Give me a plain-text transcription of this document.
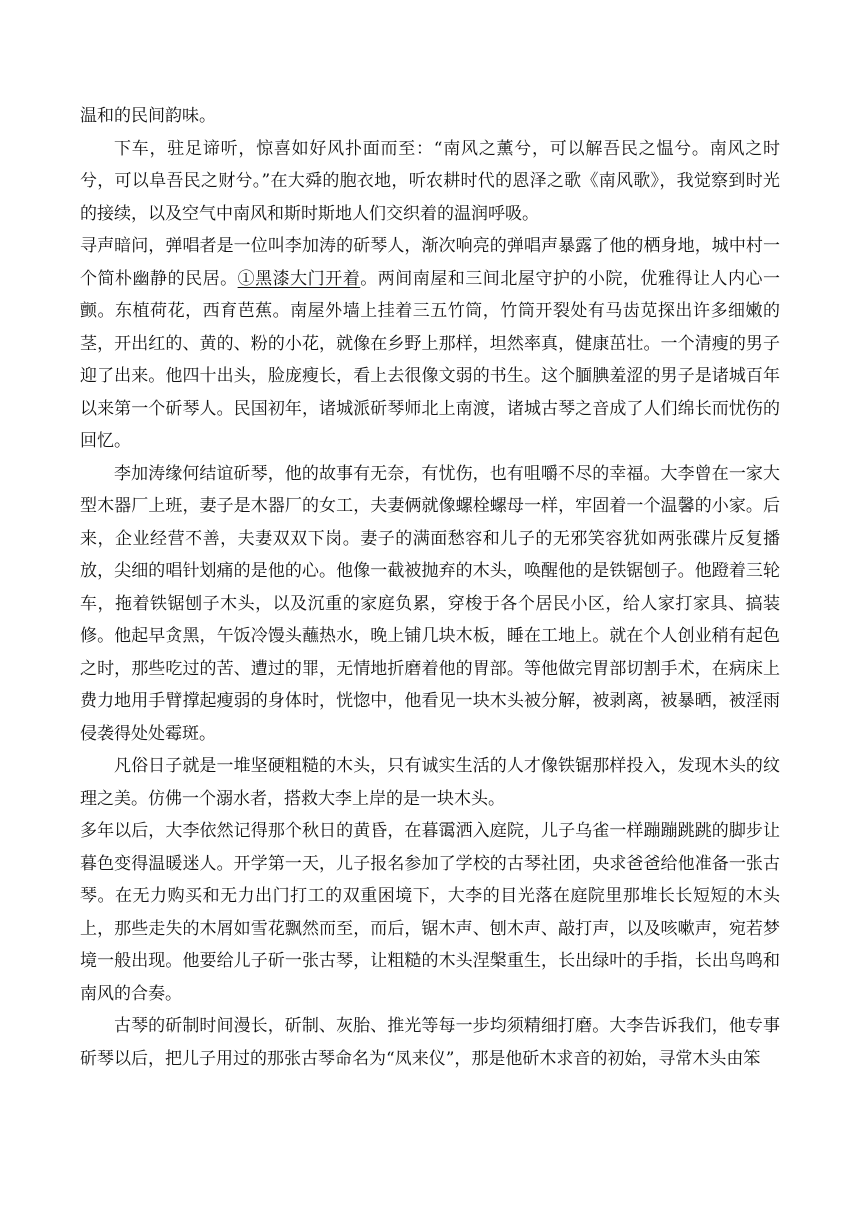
温和的民间韵味。

下车，驻足谛听，惊喜如好风扑面而至：“南风之薰兮，可以解吾民之愠兮。南风之时兮，可以阜吾民之财兮。”在大舜的胞衣地，听农耕时代的恩泽之歌《南风歌》，我觉察到时光的接续，以及空气中南风和斯时斯地人们交织着的温润呼吸。

寻声暗问，弹唱者是一位叫李加涛的斫琴人，渐次响亮的弹唱声暴露了他的栖身地，城中村一个简朴幽静的民居。①黑漆大门开着。两间南屋和三间北屋守护的小院，优雅得让人内心一颤。东植荷花，西育芭蕉。南屋外墙上挂着三五竹筒，竹筒开裂处有马齿苋探出许多细嫩的茎，开出红的、黄的、粉的小花，就像在乡野上那样，坦然率真，健康茁壮。一个清瘦的男子迎了出来。他四十出头，脸庞瘦长，看上去很像文弱的书生。这个腼腆羞涩的男子是诸城百年以来第一个斫琴人。民国初年，诸城派斫琴师北上南渡，诸城古琴之音成了人们绵长而忧伤的回忆。

李加涛缘何结谊斫琴，他的故事有无奈，有忧伤，也有咀嚼不尽的幸福。大李曾在一家大型木器厂上班，妻子是木器厂的女工，夫妻俩就像螺栓螺母一样，牢固着一个温馨的小家。后来，企业经营不善，夫妻双双下岗。妻子的满面愁容和儿子的无邪笑容犹如两张碟片反复播放，尖细的唱针划痛的是他的心。他像一截被抛弃的木头，唤醒他的是铁锯刨子。他蹬着三轮车，拖着铁锯刨子木头，以及沉重的家庭负累，穿梭于各个居民小区，给人家打家具、搞装修。他起早贪黑，午饭冷馒头蘸热水，晚上铺几块木板，睡在工地上。就在个人创业稍有起色之时，那些吃过的苦、遭过的罪，无情地折磨着他的胃部。等他做完胃部切割手术，在病床上费力地用手臂撑起瘦弱的身体时，恍惚中，他看见一块木头被分解，被剥离，被暴晒，被淫雨侵袭得处处霉斑。

凡俗日子就是一堆坚硬粗糙的木头，只有诚实生活的人才像铁锯那样投入，发现木头的纹理之美。仿佛一个溺水者，搭救大李上岸的是一块木头。

多年以后，大李依然记得那个秋日的黄昏，在暮霭洒入庭院，儿子乌雀一样蹦蹦跳跳的脚步让暮色变得温暖迷人。开学第一天，儿子报名参加了学校的古琴社团，央求爸爸给他准备一张古琴。在无力购买和无力出门打工的双重困境下，大李的目光落在庭院里那堆长长短短的木头上，那些走失的木屑如雪花飘然而至，而后，锯木声、刨木声、敲打声，以及咳嗽声，宛若梦境一般出现。他要给儿子斫一张古琴，让粗糙的木头涅槃重生，长出绿叶的手指，长出鸟鸣和南风的合奏。

古琴的斫制时间漫长，斫制、灰胎、推光等每一步均须精细打磨。大李告诉我们，他专事斫琴以后，把儿子用过的那张古琴命名为“凤来仪”，那是他斫木求音的初始，寻常木头由笨
